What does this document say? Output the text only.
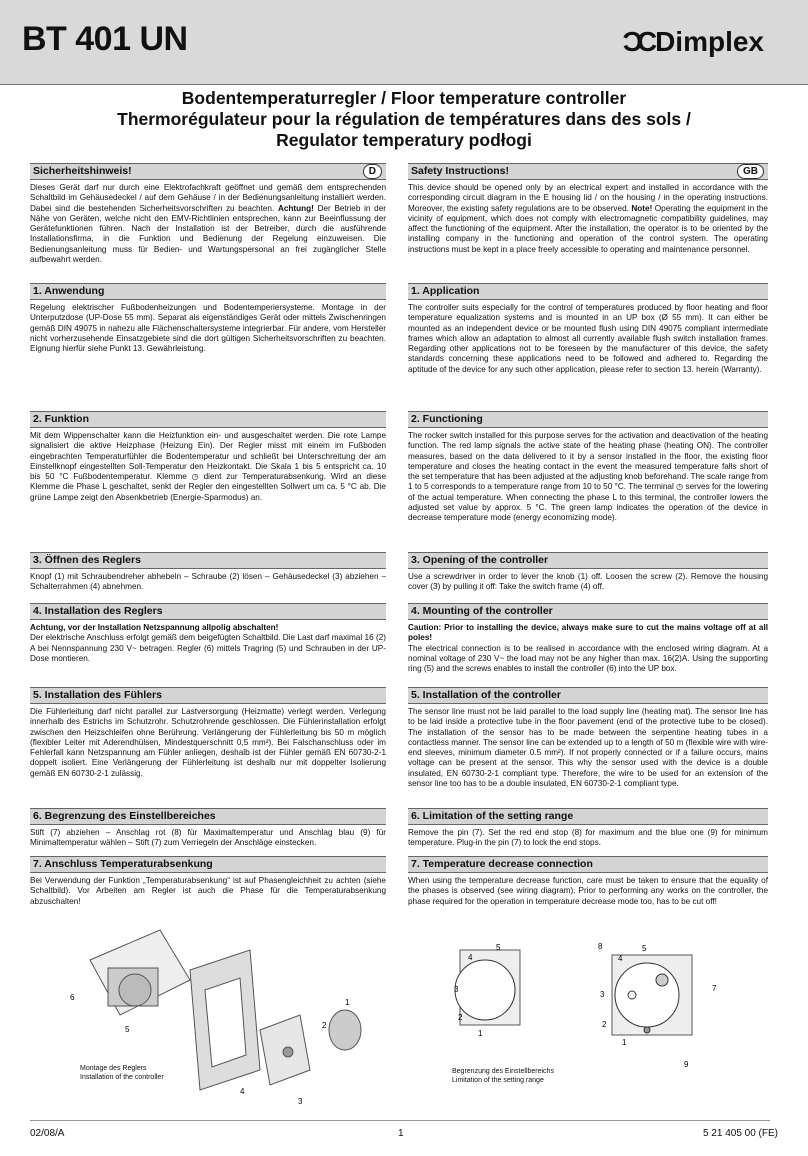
BT 401 UN	ƆC Dimplex
Bodentemperaturregler / Floor temperature controller
Thermorégulateur pour la régulation de températures dans des sols /
Regulator temperatury podłogi
Sicherheitshinweis!	D
Dieses Gerät darf nur durch eine Elektrofachkraft geöffnet und gemäß dem entsprechenden Schaltbild im Gehäusedeckel / auf dem Gehäuse / in der Bedienungsanleitung installiert werden. Dabei sind die bestehenden Sicherheitsvorschriften zu beachten. Achtung! Der Betrieb in der Nähe von Geräten, welche nicht den EMV-Richtlinien entsprechen, kann zur Beeinflussung der Gerätefunktionen führen. Nach der Installation ist der Betreiber, durch die ausführende Installationsfirma, in die Funktion und Bedienung der Regelung einzuweisen. Die Bedienungsanleitung muss für Bedien- und Wartungspersonal an frei zugänglicher Stelle aufbewahrt werden.
1. Anwendung
Regelung elektrischer Fußbodenheizungen und Bodentemperiersysteme. Montage in der Unterputzdose (UP-Dose 55 mm). Separat als eigenständiges Gerät oder mittels Zwischenringen gemäß DIN 49075 in nahezu alle Flächenschaltersysteme integrierbar. Für andere, vom Hersteller nicht vorherzusehende Einsatzgebiete sind die dort gültigen Sicherheitsvorschriften zu beachten. Eignung hierfür siehe Punkt 13. Gewährleistung.
2. Funktion
Mit dem Wippenschalter kann die Heizfunktion ein- und ausgeschaltet werden. Die rote Lampe signalisiert die aktive Heizphase (Heizung Ein). Der Regler misst mit einem im Fußboden eingebrachten Temperaturfühler die Bodentemperatur und schließt bei Unterschreitung der am Einstellknopf eingestellten Soll-Temperatur den Heizkontakt. Die Skala 1 bis 5 entspricht ca. 10 bis 50 °C Fußbodentemperatur. Klemme ◷ dient zur Temperaturabsenkung. Wird an diese Klemme die Phase L geschaltet, senkt der Regler den eingestellten Sollwert um ca. 5 °C ab. Die grüne Lampe zeigt den Absenkbetrieb (Energie-Sparmodus) an.
3. Öffnen des Reglers
Knopf (1) mit Schraubendreher abhebeln – Schraube (2) lösen – Gehäusedeckel (3) abziehen – Schalterrahmen (4) abnehmen.
4. Installation des Reglers
Achtung, vor der Installation Netzspannung allpolig abschalten!
Der elektrische Anschluss erfolgt gemäß dem beigefügten Schaltbild. Die Last darf maximal 16 (2) A bei Nennspannung 230 V~ betragen. Regler (6) mittels Tragring (5) und Schrauben in der UP-Dose montieren.
5. Installation des Fühlers
Die Fühlerleitung darf nicht parallel zur Lastversorgung (Heizmatte) verlegt werden. Verlegung innerhalb des Estrichs im Schutzrohr. Schutzrohrende geschlossen. Die Fühlerinstallation erfolgt zwischen den Heizschleifen ohne Berührung. Verlängerung der Fühlerleitung bis 50 m möglich (flexibler Leiter mit Aderendhülsen, Mindestquerschnitt 0,5 mm²). Bei Falschanschluss oder im Fehlerfall kann Netzspannung am Fühler anliegen, deshalb ist der Fühler gemäß EN 60730-2-1 doppelt isoliert. Eine Verlängerung der Fühlerleitung ist deshalb nur mit doppelter Isolierung gemäß EN 60730-2-1 zulässig.
6. Begrenzung des Einstellbereiches
Stift (7) abziehen – Anschlag rot (8) für Maximaltemperatur und Anschlag blau (9) für Minimaltemperatur wählen – Stift (7) zum Verriegeln der Anschläge einstecken.
7. Anschluss Temperaturabsenkung
Bei Verwendung der Funktion „Temperaturabsenkung“ ist auf Phasengleichheit zu achten (siehe Schaltbild). Vor Arbeiten am Regler ist auch die Phase für die Temperaturabsenkung abzuschalten!
Safety Instructions!	GB
This device should be opened only by an electrical expert and installed in accordance with the corresponding circuit diagram in the E housing lid / on the housing / in the operating instructions. Moreover, the existing safety regulations are to be observed. Note! Operating the equipment in the vicinity of equipment, which does not comply with electromagnetic compatibility guidelines, may affect the functioning of the equipment. After the installation, the operator is to be oriented by the installing company in the functioning and operation of the control system. The operating instructions must be kept in a place freely accessible to operating and maintenance personnel.
1. Application
The controller suits especially for the control of temperatures produced by floor heating and floor temperature equalization systems and is mounted in an UP box (Ø 55 mm). It can either be mounted as an independent device or be mounted flush using DIN 49075 compliant intermediate frames which allow an adaptation to almost all currently available flush switch installation frames. Regarding other applications not to be foreseen by the manufacturer of this device, the safety standards concerning these applications need to be followed and adhered to. Regarding the aptitude of the device for any such other application, please refer to section 13. herein (Warranty).
2. Functioning
The rocker switch installed for this purpose serves for the activation and deactivation of the heating function. The red lamp signals the active state of the heating phase (heating ON). The controller measures, based on the data delivered to it by a sensor installed in the floor, the existing floor temperature and closes the heating contact in the event the measured temperature falls short of the set temperature that has been adjusted at the adjusting knob beforehand. The scale range from 1 to 5 corresponds to a temperature range from 10 to 50 °C. The terminal ◷ serves for the lowering of the actual temperature. When connecting the phase L to this terminal, the controller lowers the adjusted set value by approx. 5 °C. The green lamp indicates the operation of the device in decrease temperature mode (energy economizing mode).
3. Opening of the controller
Use a screwdriver in order to lever the knob (1) off. Loosen the screw (2). Remove the housing cover (3) by pulling it off: Take the switch frame (4) off.
4. Mounting of the controller
Caution: Prior to installing the device, always make sure to cut the mains voltage off at all poles!
The electrical connection is to be realised in accordance with the enclosed wiring diagram. At a nominal voltage of 230 V~ the load may not be any higher than max. 16(2)A. Using the supporting ring (5) and the screws enables to install the controller (6) into the UP box.
5. Installation of the controller
The sensor line must not be laid parallel to the load supply line (heating mat). The sensor line has to be laid inside a protective tube in the floor pavement (end of the protective tube to be closed). The installation of the sensor has to be made between the serpentine heating tubes in a contactless manner. The sensor line can be extended up to a length of 50 m (flexible wire with wire-end sleeves, minimum diameter 0.5 mm²). If not properly connected or if a failure occurs, mains voltage can be present at the sensor. This why the sensor used with the device is a double insulated, EN 60730-2-1 compliant type. Therefore, the wire to be used for an extension of the sensor line too has to be a double insulated, EN 60730-2-1 compliant type.
6. Limitation of the setting range
Remove the pin (7). Set the red end stop (8) for maximum and the blue one (9) for minimum temperature. Plug-in the pin (7) to lock the end stops.
7. Temperature decrease connection
When using the temperature decrease function, care must be taken to ensure that the equality of the phases is observed (see wiring diagram). Prior to performing any works on the controller, the phase required for the operation in temperature decrease mode too, has to be cut off!
6
5
4
3
2
1
Montage des Reglers
Installation of the controller
5
4
3
2
1
Begrenzung des Einstellbereichs
Limitation of the setting range
8	5
4
7
3
2
1
9
02/08/A	1	5 21 405 00 (FE)
